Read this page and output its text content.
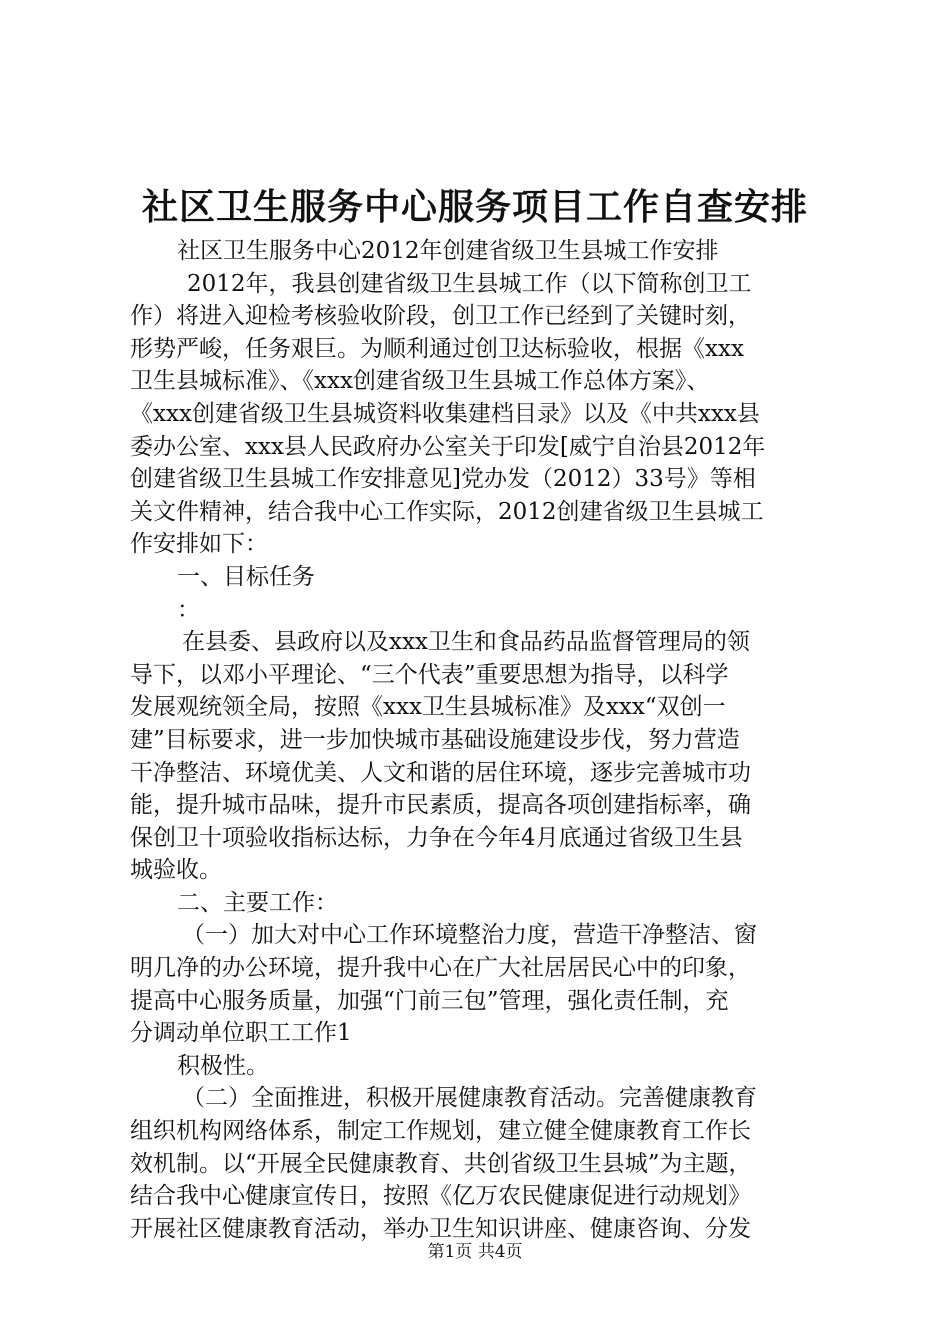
社区卫生服务中心服务项目工作自查安排
社区卫生服务中心2012年创建省级卫生县城工作安排
2012年，我县创建省级卫生县城工作（以下简称创卫工
作）将进入迎检考核验收阶段，创卫工作已经到了关键时刻，
形势严峻，任务艰巨。为顺利通过创卫达标验收，根据《xxx
卫生县城标准》、《xxx创建省级卫生县城工作总体方案》、
《xxx创建省级卫生县城资料收集建档目录》以及《中共xxx县
委办公室、xxx县人民政府办公室关于印发[威宁自治县2012年
创建省级卫生县城工作安排意见]党办发（2012）33号》等相
关文件精神，结合我中心工作实际，2012创建省级卫生县城工
作安排如下：
一、目标任务
：
在县委、县政府以及xxx卫生和食品药品监督管理局的领
导下，以邓小平理论、“三个代表”重要思想为指导，以科学
发展观统领全局，按照《xxx卫生县城标准》及xxx“双创一
建”目标要求，进一步加快城市基础设施建设步伐，努力营造
干净整洁、环境优美、人文和谐的居住环境，逐步完善城市功
能，提升城市品味，提升市民素质，提高各项创建指标率，确
保创卫十项验收指标达标，力争在今年4月底通过省级卫生县
城验收。
二、主要工作：
（一）加大对中心工作环境整治力度，营造干净整洁、窗
明几净的办公环境，提升我中心在广大社居居民心中的印象，
提高中心服务质量，加强“门前三包”管理，强化责任制，充
分调动单位职工工作1
积极性。
（二）全面推进，积极开展健康教育活动。完善健康教育
组织机构网络体系，制定工作规划，建立健全健康教育工作长
效机制。以“开展全民健康教育、共创省级卫生县城”为主题，
结合我中心健康宣传日，按照《亿万农民健康促进行动规划》
开展社区健康教育活动，举办卫生知识讲座、健康咨询、分发
第1页 共4页
